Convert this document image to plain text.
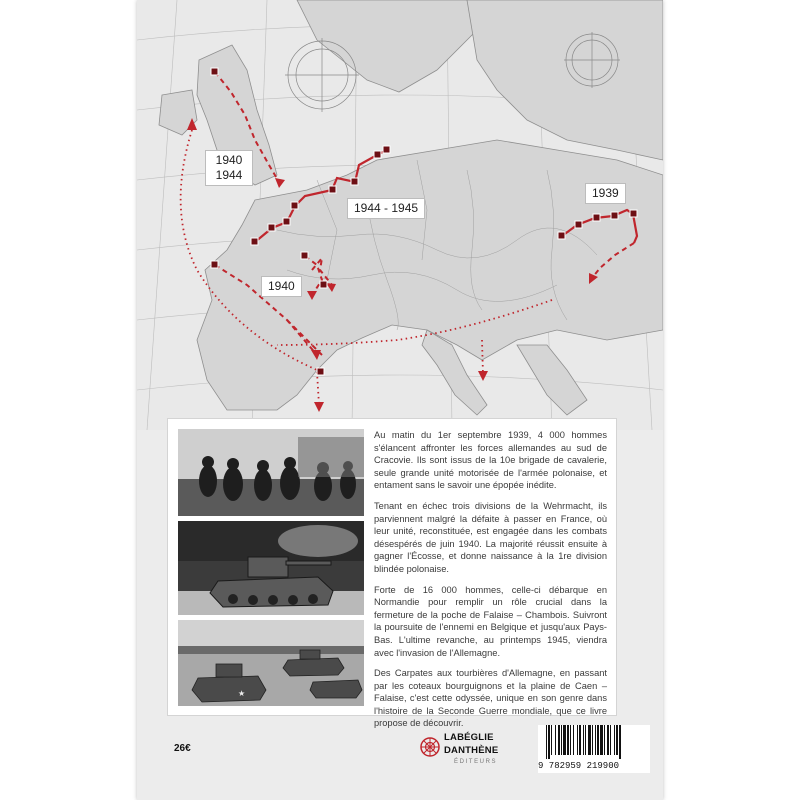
1940
1944
1944 - 1945
1939
1940
★

Au matin du 1er septembre 1939, 4 000 hommes s'élancent affronter les forces allemandes au sud de Cracovie. Ils sont issus de la 10e brigade de cavalerie, seule grande unité motorisée de l'armée polonaise, et entament sans le savoir une épopée inédite.

Tenant en échec trois divisions de la Wehrmacht, ils parviennent malgré la défaite à passer en France, où leur unité, reconstituée, est engagée dans les combats désespérés de juin 1940. La majorité réussit ensuite à gagner l'Écosse, et donne naissance à la 1re division blindée polonaise.

Forte de 16 000 hommes, celle-ci débarque en Normandie pour remplir un rôle crucial dans la fermeture de la poche de Falaise – Chambois. Suivront la poursuite de l'ennemi en Belgique et jusqu'aux Pays-Bas. L'ultime revanche, au printemps 1945, viendra avec l'invasion de l'Allemagne.

Des Carpates aux tourbières d'Allemagne, en passant par les coteaux bourguignons et la plaine de Caen – Falaise, c'est cette odyssée, unique en son genre dans l'histoire de la Seconde Guerre mondiale, que ce livre propose de découvrir.

26€
LABÉGLIE
DANTHÈNE
ÉDITEURS	9 782959 219900
